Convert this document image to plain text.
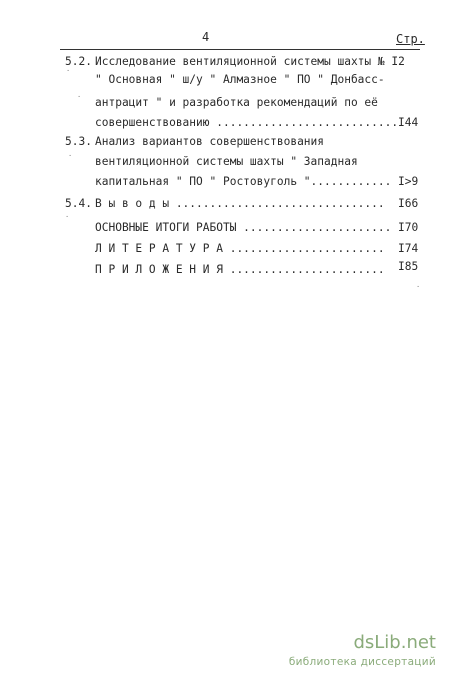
4	Стр.
5.2. Исследование вентиляционной системы шахты № I2
" Основная " ш/у " Алмазное " ПО " Донбасс-
антрацит " и разработка рекомендаций по её
совершенствованию ........................... I44
5.3. Анализ вариантов совершенствования
вентиляционной системы шахты " Западная
капитальная " ПО " Ростовуголь "............ I>9
5.4. В ы в о д ы ............................... I66
ОСНОВНЫЕ ИТОГИ РАБОТЫ ...................... I70
Л И Т Е Р А Т У Р А ....................... I74
П Р И Л О Ж Е Н И Я ....................... I85
·
·
·
·
·
dsLib.net
библиотека диссертаций
